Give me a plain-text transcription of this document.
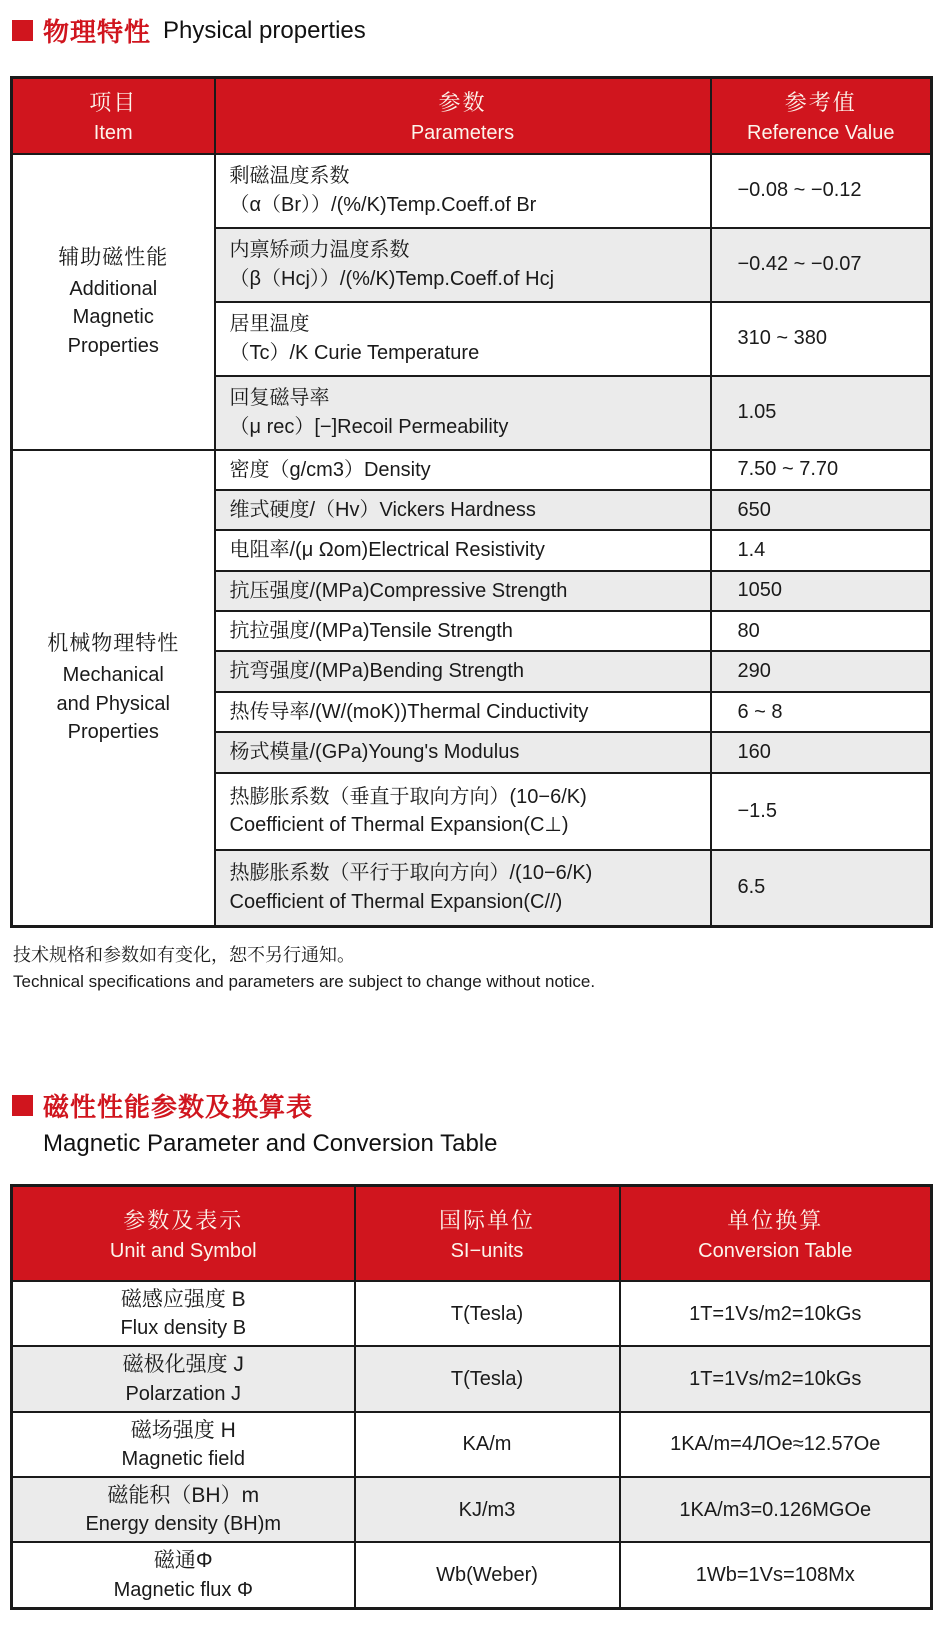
物理特性 Physical properties
项目
Item	参数
Parameters	参考值
Reference Value

辅助磁性能
Additional
Magnetic
Properties	剩磁温度系数
（α（Br））/(%/K)Temp.Coeff.of Br	−0.08 ~ −0.12

	内禀矫顽力温度系数
（β（Hcj））/(%/K)Temp.Coeff.of Hcj	−0.42 ~ −0.07

	居里温度
（Tc）/K Curie Temperature	310 ~ 380

	回复磁导率
（μ rec）[−]Recoil Permeability	1.05

机械物理特性
Mechanical
and Physical
Properties	密度（g/cm3）Density	7.50 ~ 7.70
	维式硬度/（Hv）Vickers Hardness	650
	电阻率/(μ Ωom)Electrical Resistivity	1.4
	抗压强度/(MPa)Compressive Strength	1050
	抗拉强度/(MPa)Tensile Strength	80
	抗弯强度/(MPa)Bending Strength	290
	热传导率/(W/(moK))Thermal Cinductivity	6 ~ 8
	杨式模量/(GPa)Young's Modulus	160

	热膨胀系数（垂直于取向方向）(10−6/K)
Coefficient of Thermal Expansion(C⊥)	−1.5

	热膨胀系数（平行于取向方向）/(10−6/K)
Coefficient of Thermal Expansion(C//)	6.5
技术规格和参数如有变化，恕不另行通知。
Technical specifications and parameters are subject to change without notice.
磁性性能参数及换算表
Magnetic Parameter and Conversion Table
参数及表示
Unit and Symbol	国际单位
SI−units	单位换算
Conversion Table

磁感应强度 B
Flux density B	T(Tesla)	1T=1Vs/m2=10kGs

磁极化强度 J
Polarzation J	T(Tesla)	1T=1Vs/m2=10kGs

磁场强度 H
Magnetic field	KA/m	1KA/m=4ЛOe≈12.57Oe

磁能积（BH）m
Energy density (BH)m	KJ/m3	1KA/m3=0.126MGOe

磁通Φ
Magnetic flux Φ	Wb(Weber)	1Wb=1Vs=108Mx
